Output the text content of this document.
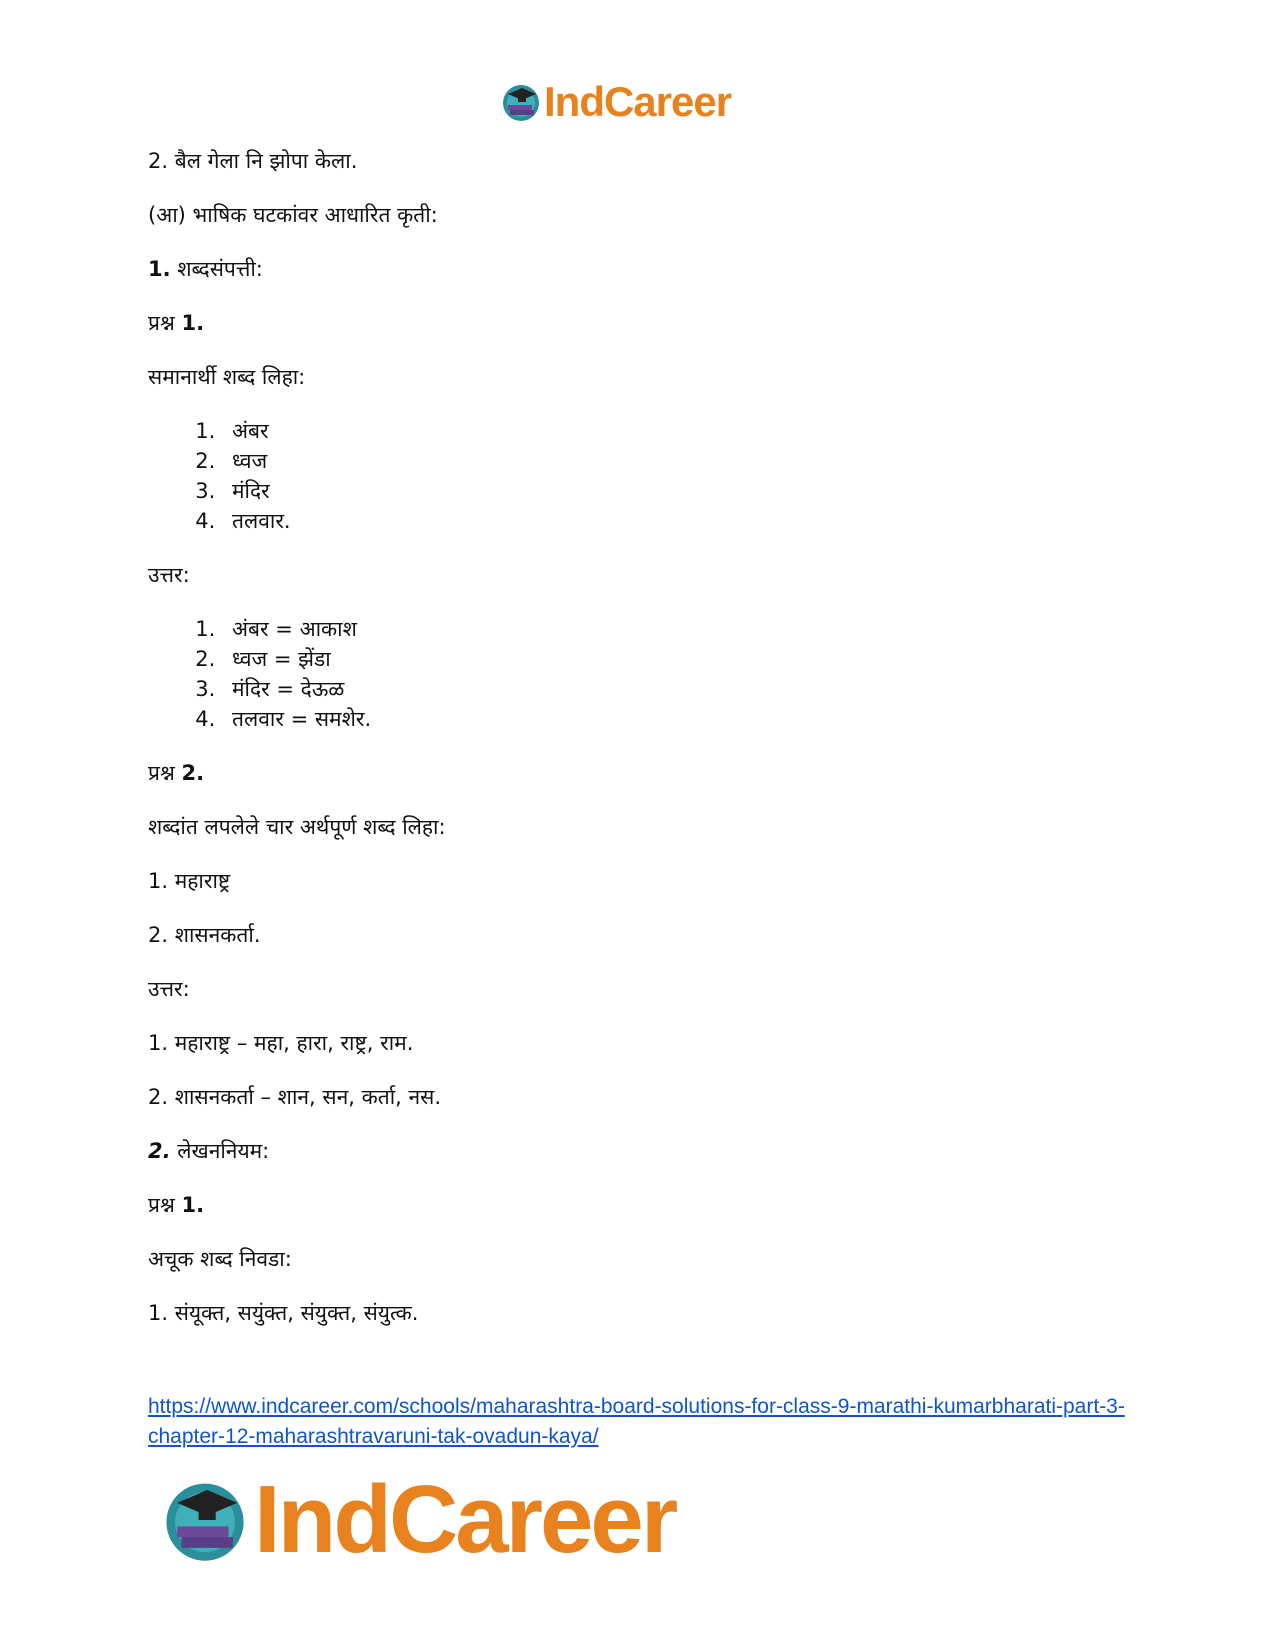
IndCareer

2. बैल गेला नि झोपा केला.

(आ) भाषिक घटकांवर आधारित कृती:

1. शब्दसंपत्ती:

प्रश्न 1.

समानार्थी शब्द लिहा:

1. अंबर
2. ध्वज
3. मंदिर
4. तलवार.

उत्तर:

1. अंबर = आकाश
2. ध्वज = झेंडा
3. मंदिर = देऊळ
4. तलवार = समशेर.

प्रश्न 2.

शब्दांत लपलेले चार अर्थपूर्ण शब्द लिहा:

1. महाराष्ट्र

2. शासनकर्ता.

उत्तर:

1. महाराष्ट्र – महा, हारा, राष्ट्र, राम.

2. शासनकर्ता – शान, सन, कर्ता, नस.

2. लेखननियम:

प्रश्न 1.

अचूक शब्द निवडा:

1. संयूक्त, सयुंक्त, संयुक्त, संयुत्क.

https://www.indcareer.com/schools/maharashtra-board-solutions-for-class-9-marathi-kumarbharati-part-3-chapter-12-maharashtravaruni-tak-ovadun-kaya/
IndCareer
